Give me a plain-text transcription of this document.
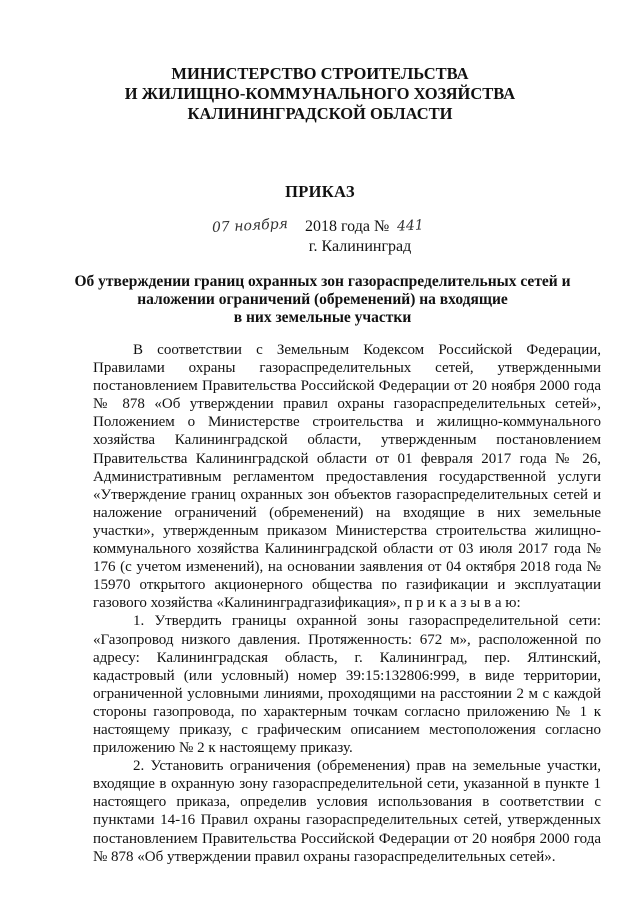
МИНИСТЕРСТВО СТРОИТЕЛЬСТВА
И ЖИЛИЩНО-КОММУНАЛЬНОГО ХОЗЯЙСТВА
КАЛИНИНГРАДСКОЙ ОБЛАСТИ
ПРИКАЗ
07 ноября 2018 года № 441
г. Калининград
Об утверждении границ охранных зон газораспределительных сетей и
наложении ограничений (обременений) на входящие
в них земельные участки

В соответствии с Земельным Кодексом Российской Федерации, Правилами охраны газораспределительных сетей, утвержденными постановлением Правительства Российской Федерации от 20 ноября 2000 года № 878 «Об утверждении правил охраны газораспределительных сетей», Положением о Министерстве строительства и жилищно-коммунального хозяйства Калининградской области, утвержденным постановлением Правительства Калининградской области от 01 февраля 2017 года № 26, Административным регламентом предоставления государственной услуги «Утверждение границ охранных зон объектов газораспределительных сетей и наложение ограничений (обременений) на входящие в них земельные участки», утвержденным приказом Министерства строительства жилищно-коммунального хозяйства Калининградской области от 03 июля 2017 года № 176 (с учетом изменений), на основании заявления от 04 октября 2018 года № 15970 открытого акционерного общества по газификации и эксплуатации газового хозяйства «Калининградгазификация», п р и к а з ы в а ю:

1. Утвердить границы охранной зоны газораспределительной сети: «Газопровод низкого давления. Протяженность: 672 м», расположенной по адресу: Калининградская область, г. Калининград, пер. Ялтинский, кадастровый (или условный) номер 39:15:132806:999, в виде территории, ограниченной условными линиями, проходящими на расстоянии 2 м с каждой стороны газопровода, по характерным точкам согласно приложению № 1 к настоящему приказу, с графическим описанием местоположения согласно приложению № 2 к настоящему приказу.

2. Установить ограничения (обременения) прав на земельные участки, входящие в охранную зону газораспределительной сети, указанной в пункте 1 настоящего приказа, определив условия использования в соответствии с пунктами 14-16 Правил охраны газораспределительных сетей, утвержденных постановлением Правительства Российской Федерации от 20 ноября 2000 года № 878 «Об утверждении правил охраны газораспределительных сетей».
